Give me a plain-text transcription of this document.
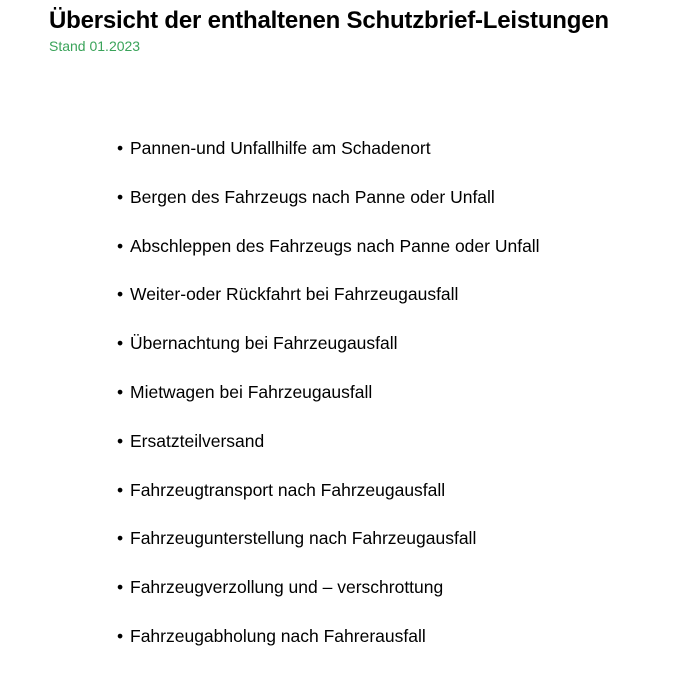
Übersicht der enthaltenen Schutzbrief-Leistungen
Stand 01.2023
• Pannen-und Unfallhilfe am Schadenort
• Bergen des Fahrzeugs nach Panne oder Unfall
• Abschleppen des Fahrzeugs nach Panne oder Unfall
• Weiter-oder Rückfahrt bei Fahrzeugausfall
• Übernachtung bei Fahrzeugausfall
• Mietwagen bei Fahrzeugausfall
• Ersatzteilversand
• Fahrzeugtransport nach Fahrzeugausfall
• Fahrzeugunterstellung nach Fahrzeugausfall
• Fahrzeugverzollung und – verschrottung
• Fahrzeugabholung nach Fahrerausfall
